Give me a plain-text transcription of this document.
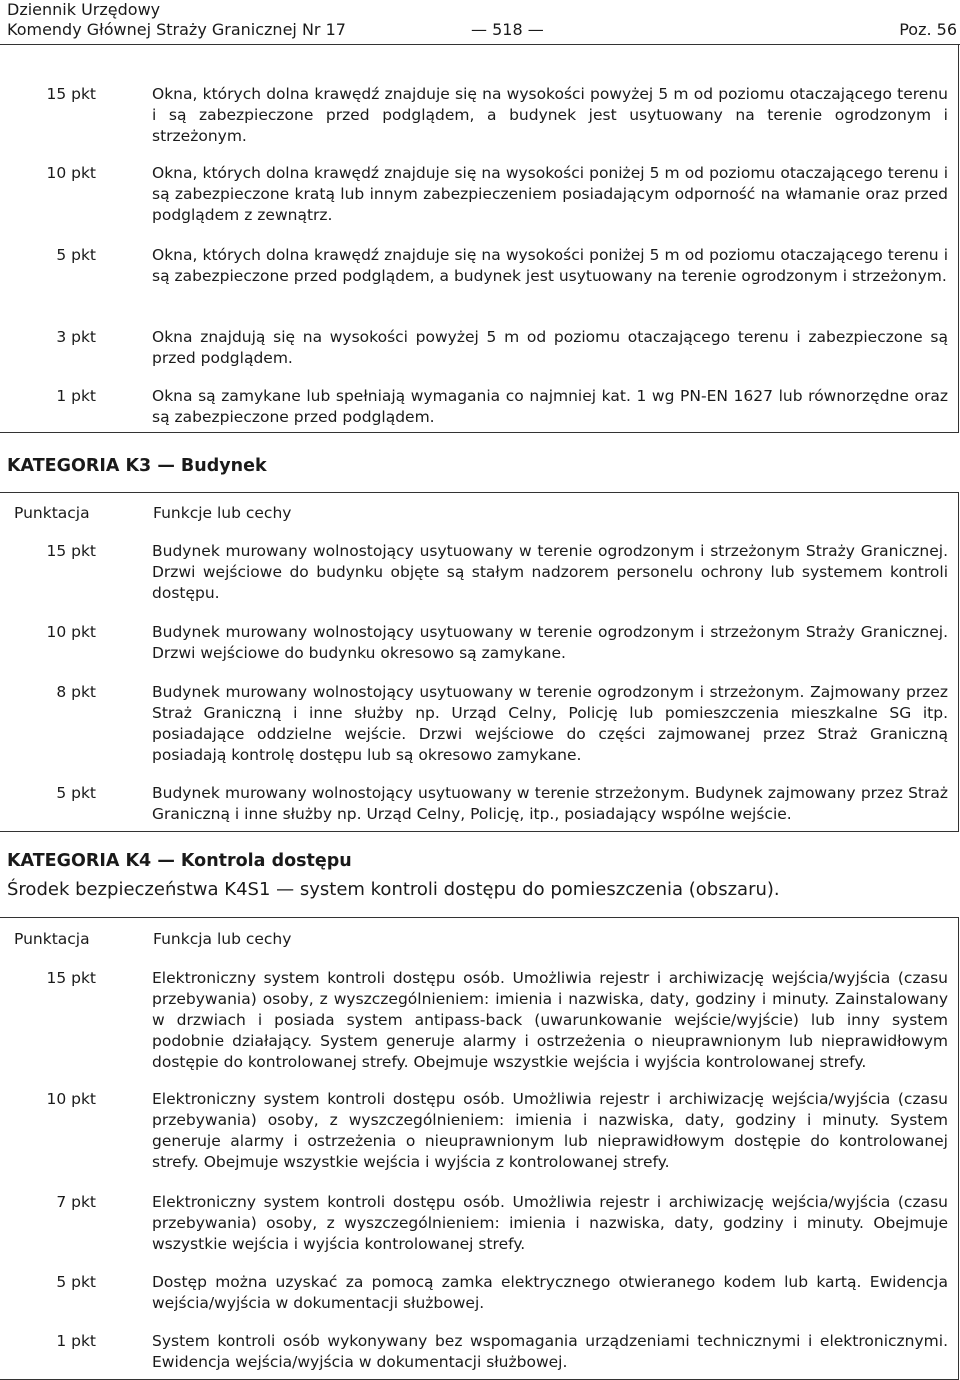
Dziennik Urzędowy
Komendy Głównej Straży Granicznej Nr 17	— 518 —	Poz. 56
15 pkt	Okna, których dolna krawędź znajduje się na wysokości powyżej 5 m od poziomu otaczającego terenu i są zabezpieczone przed podglądem, a budynek jest usytuowany na terenie ogrodzonym i strzeżonym.
10 pkt	Okna, których dolna krawędź znajduje się na wysokości poniżej 5 m od poziomu otaczającego terenu i są zabezpieczone kratą lub innym zabezpieczeniem posiadającym odporność na włamanie oraz przed podglądem z zewnątrz.
5 pkt	Okna, których dolna krawędź znajduje się na wysokości poniżej 5 m od poziomu otaczającego terenu i są zabezpieczone przed podglądem, a budynek jest usytuowany na terenie ogrodzonym i strzeżonym.
3 pkt	Okna znajdują się na wysokości powyżej 5 m od poziomu otaczającego terenu i zabezpieczone są przed podglądem.
1 pkt	Okna są zamykane lub spełniają wymagania co najmniej kat. 1 wg PN-EN 1627 lub równorzędne oraz są zabezpieczone przed podglądem.
KATEGORIA K3 — Budynek
Punktacja	Funkcje lub cechy
15 pkt	Budynek murowany wolnostojący usytuowany w terenie ogrodzonym i strzeżonym Straży Granicznej. Drzwi wejściowe do budynku objęte są stałym nadzorem personelu ochrony lub systemem kontroli dostępu.
10 pkt	Budynek murowany wolnostojący usytuowany w terenie ogrodzonym i strzeżonym Straży Granicznej. Drzwi wejściowe do budynku okresowo są zamykane.
8 pkt	Budynek murowany wolnostojący usytuowany w terenie ogrodzonym i strzeżonym. Zajmowany przez Straż Graniczną i inne służby np. Urząd Celny, Policję lub pomieszczenia mieszkalne SG itp. posiadające oddzielne wejście. Drzwi wejściowe do części zajmowanej przez Straż Graniczną posiadają kontrolę dostępu lub są okresowo zamykane.
5 pkt	Budynek murowany wolnostojący usytuowany w terenie strzeżonym. Budynek zajmowany przez Straż Graniczną i inne służby np. Urząd Celny, Policję, itp., posiadający wspólne wejście.
KATEGORIA K4 — Kontrola dostępu
Środek bezpieczeństwa K4S1 — system kontroli dostępu do pomieszczenia (obszaru).
Punktacja	Funkcja lub cechy
15 pkt	Elektroniczny system kontroli dostępu osób. Umożliwia rejestr i archiwizację wejścia/wyjścia (czasu przebywania) osoby, z wyszczególnieniem: imienia i nazwiska, daty, godziny i minuty. Zainstalowany w drzwiach i posiada system antipass-back (uwarunkowanie wejście/wyjście) lub inny system podobnie działający. System generuje alarmy i ostrzeżenia o nieuprawnionym lub nieprawidłowym dostępie do kontrolowanej strefy. Obejmuje wszystkie wejścia i wyjścia kontrolowanej strefy.
10 pkt	Elektroniczny system kontroli dostępu osób. Umożliwia rejestr i archiwizację wejścia/wyjścia (czasu przebywania) osoby, z wyszczególnieniem: imienia i nazwiska, daty, godziny i minuty. System generuje alarmy i ostrzeżenia o nieuprawnionym lub nieprawidłowym dostępie do kontrolowanej strefy. Obejmuje wszystkie wejścia i wyjścia z kontrolowanej strefy.
7 pkt	Elektroniczny system kontroli dostępu osób. Umożliwia rejestr i archiwizację wejścia/wyjścia (czasu przebywania) osoby, z wyszczególnieniem: imienia i nazwiska, daty, godziny i minuty. Obejmuje wszystkie wejścia i wyjścia kontrolowanej strefy.
5 pkt	Dostęp można uzyskać za pomocą zamka elektrycznego otwieranego kodem lub kartą. Ewidencja wejścia/wyjścia w dokumentacji służbowej.
1 pkt	System kontroli osób wykonywany bez wspomagania urządzeniami technicznymi i elektronicznymi. Ewidencja wejścia/wyjścia w dokumentacji służbowej.
